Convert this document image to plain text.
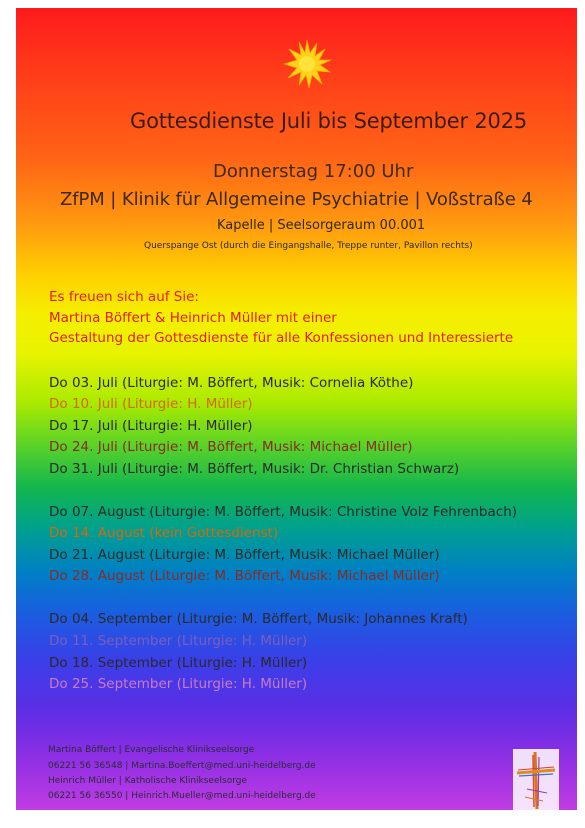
Gottesdienste Juli bis September 2025
Donnerstag 17:00 Uhr
ZfPM | Klinik für Allgemeine Psychiatrie | Voßstraße 4
Kapelle | Seelsorgeraum 00.001
Querspange Ost (durch die Eingangshalle, Treppe runter, Pavillon rechts)
Es freuen sich auf Sie:
Martina Böffert & Heinrich Müller mit einer
Gestaltung der Gottesdienste für alle Konfessionen und Interessierte
Do 03. Juli (Liturgie: M. Böffert, Musik: Cornelia Köthe)
Do 10. Juli (Liturgie: H. Müller)
Do 17. Juli (Liturgie: H. Müller)
Do 24. Juli (Liturgie: M. Böffert, Musik: Michael Müller)
Do 31. Juli (Liturgie: M. Böffert, Musik: Dr. Christian Schwarz)
Do 07. August (Liturgie: M. Böffert, Musik: Christine Volz Fehrenbach)
Do 14. August (kein Gottesdienst)
Do 21. August (Liturgie: M. Böffert, Musik: Michael Müller)
Do 28. August (Liturgie: M. Böffert, Musik: Michael Müller)
Do 04. September (Liturgie: M. Böffert, Musik: Johannes Kraft)
Do 11. September (Liturgie: H. Müller)
Do 18. September (Liturgie: H. Müller)
Do 25. September (Liturgie: H. Müller)
Martina Böffert | Evangelische Klinikseelsorge
06221 56 36548 | Martina.Boeffert@med.uni-heidelberg.de
Heinrich Müller | Katholische Klinikseelsorge
06221 56 36550 | Heinrich.Mueller@med.uni-heidelberg.de
